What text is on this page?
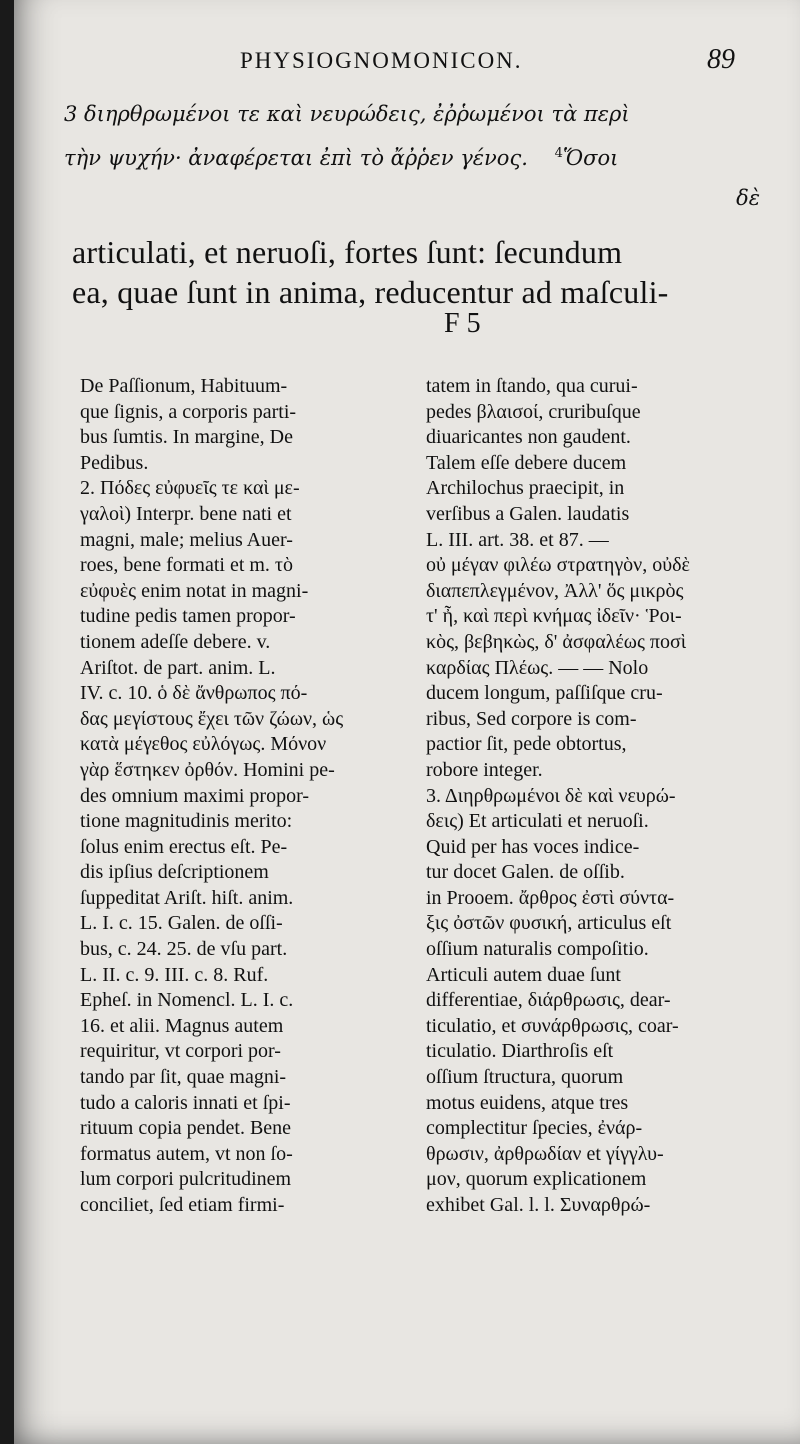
PHYSIOGNOMONICON.	89
3 διηρθρωμένοι τε καὶ νευρώδεις, ἐῤῥωμένοι τὰ περὶ
τὴν ψυχήν· ἀναφέρεται ἐπὶ τὸ ἄῤῥεν γένος. $^4$Ὅσοι
δὲ
articulati, et neruoſi, fortes ſunt: ſecundum
ea, quae ſunt in anima, reducentur ad maſculi-
F 5
De Paſſionum, Habituum-
que ſignis, a corporis parti-
bus ſumtis. In margine, De
Pedibus.
2. Πόδες εὐφυεῖς τε καὶ με-
γαλοὶ) Interpr. bene nati et
magni, male; melius Auer-
roes, bene formati et m. τὸ
εὐφυὲς enim notat in magni-
tudine pedis tamen propor-
tionem adeſſe debere. v.
Ariſtot. de part. anim. L.
IV. c. 10. ὁ δὲ ἄνθρωπος πό-
δας μεγίστους ἔχει τῶν ζώων, ὡς
κατὰ μέγεθος εὐλόγως. Μόνον
γὰρ ἕστηκεν ὀρθόν. Homini pe-
des omnium maximi propor-
tione magnitudinis merito:
ſolus enim erectus eſt. Pe-
dis ipſius deſcriptionem
ſuppeditat Ariſt. hiſt. anim.
L. I. c. 15. Galen. de oſſi-
bus, c. 24. 25. de vſu part.
L. II. c. 9. III. c. 8. Ruf.
Epheſ. in Nomencl. L. I. c.
16. et alii. Magnus autem
requiritur, vt corpori por-
tando par ſit, quae magni-
tudo a caloris innati et ſpi-
rituum copia pendet. Bene
formatus autem, vt non ſo-
lum corpori pulcritudinem
conciliet, ſed etiam firmi-
tatem in ſtando, qua curui-
pedes βλαισοί, cruribuſque
diuaricantes non gaudent.
Talem eſſe debere ducem
Archilochus praecipit, in
verſibus a Galen. laudatis
L. III. art. 38. et 87. —
οὐ μέγαν φιλέω στρατηγὸν, οὐδὲ
διαπεπλεγμένον, Ἀλλ' ὅς μικρὸς
τ' ἦ, καὶ περὶ κνήμας ἰδεῖν· Ῥοι-
κὸς, βεβηκὼς, δ' ἀσφαλέως ποσὶ
καρδίας Πλέως. — — Nolo
ducem longum, paſſiſque cru-
ribus, Sed corpore is com-
pactior ſit, pede obtortus,
robore integer.
3. Διηρθρωμένοι δὲ καὶ νευρώ-
δεις) Et articulati et neruoſi.
Quid per has voces indice-
tur docet Galen. de oſſib.
in Prooem. ἄρθρος ἐστὶ σύντα-
ξις ὀστῶν φυσική, articulus eſt
oſſium naturalis compoſitio.
Articuli autem duae ſunt
differentiae, διάρθρωσις, dear-
ticulatio, et συνάρθρωσις, coar-
ticulatio. Diarthroſis eſt
oſſium ſtructura, quorum
motus euidens, atque tres
complectitur ſpecies, ἐνάρ-
θρωσιν, ἀρθρωδίαν et γίγγλυ-
μον, quorum explicationem
exhibet Gal. l. l. Συναρθρώ-
